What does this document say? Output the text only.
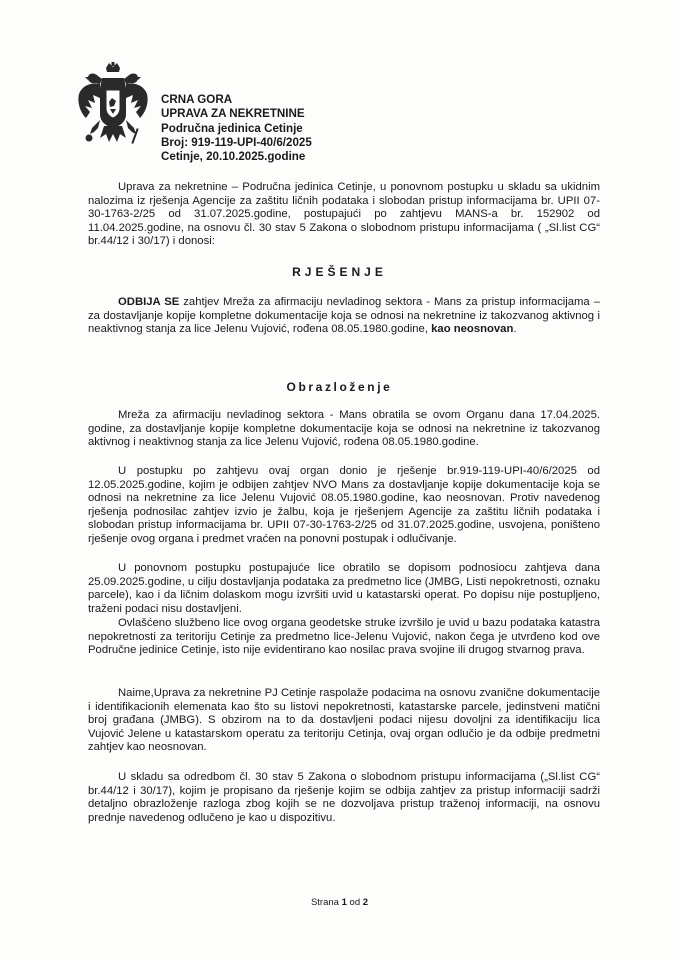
CRNA GORA
UPRAVA ZA NEKRETNINE
Područna jedinica Cetinje
Broj: 919-119-UPI-40/6/2025
Cetinje, 20.10.2025.godine
Uprava za nekretnine – Područna jedinica Cetinje, u ponovnom postupku u skladu sa ukidnim nalozima iz rješenja Agencije za zaštitu ličnih podataka i slobodan pristup informacijama br. UPII 07-30-1763-2/25 od 31.07.2025.godine, postupajući po zahtjevu MANS-a br. 152902 od 11.04.2025.godine, na osnovu čl. 30 stav 5 Zakona o slobodnom pristupu informacijama ( „Sl.list CG“ br.44/12 i 30/17) i donosi:
RJEŠENJE
ODBIJA SE zahtjev Mreža za afirmaciju nevladinog sektora - Mans za pristup informacijama – za dostavljanje kopije kompletne dokumentacije koja se odnosi na nekretnine iz takozvanog aktivnog i neaktivnog stanja za lice Jelenu Vujović, rođena 08.05.1980.godine, kao neosnovan.
Obrazloženje
Mreža za afirmaciju nevladinog sektora - Mans obratila se ovom Organu dana 17.04.2025. godine, za dostavljanje kopije kompletne dokumentacije koja se odnosi na nekretnine iz takozvanog aktivnog i neaktivnog stanja za lice Jelenu Vujović, rođena 08.05.1980.godine.
U postupku po zahtjevu ovaj organ donio je rješenje br.919-119-UPI-40/6/2025 od 12.05.2025.godine, kojim je odbijen zahtjev NVO Mans za dostavljanje kopije dokumentacije koja se odnosi na nekretnine za lice Jelenu Vujović 08.05.1980.godine, kao neosnovan. Protiv navedenog rješenja podnosilac zahtjev izvio je žalbu, koja je rješenjem Agencije za zaštitu ličnih podataka i slobodan pristup informacijama br. UPII 07-30-1763-2/25 od 31.07.2025.godine, usvojena, poništeno rješenje ovog organa i predmet vraćen na ponovni postupak i odlučivanje.
U ponovnom postupku postupajuće lice obratilo se dopisom podnosiocu zahtjeva dana 25.09.2025.godine, u cilju dostavljanja podataka za predmetno lice (JMBG, Listi nepokretnosti, oznaku parcele), kao i da ličnim dolaskom mogu izvršiti uvid u katastarski operat. Po dopisu nije postupljeno, traženi podaci nisu dostavljeni.
Ovlašćeno službeno lice ovog organa geodetske struke izvršilo je uvid u bazu podataka katastra nepokretnosti za teritoriju Cetinje za predmetno lice-Jelenu Vujović, nakon čega je utvrđeno kod ove Područne jedinice Cetinje, isto nije evidentirano kao nosilac prava svojine ili drugog stvarnog prava.
Naime,Uprava za nekretnine PJ Cetinje raspolaže podacima na osnovu zvanične dokumentacije i identifikacionih elemenata kao što su listovi nepokretnosti, katastarske parcele, jedinstveni matični broj građana (JMBG). S obzirom na to da dostavljeni podaci nijesu dovoljni za identifikaciju lica Vujović Jelene u katastarskom operatu za teritoriju Cetinja, ovaj organ odlučio je da odbije predmetni zahtjev kao neosnovan.
U skladu sa odredbom čl. 30 stav 5 Zakona o slobodnom pristupu informacijama („Sl.list CG“ br.44/12 i 30/17), kojim je propisano da rješenje kojim se odbija zahtjev za pristup informaciji sadrži detaljno obrazloženje razloga zbog kojih se ne dozvoljava pristup traženoj informaciji, na osnovu prednje navedenog odlučeno je kao u dispozitivu.
Strana 1 od 2
